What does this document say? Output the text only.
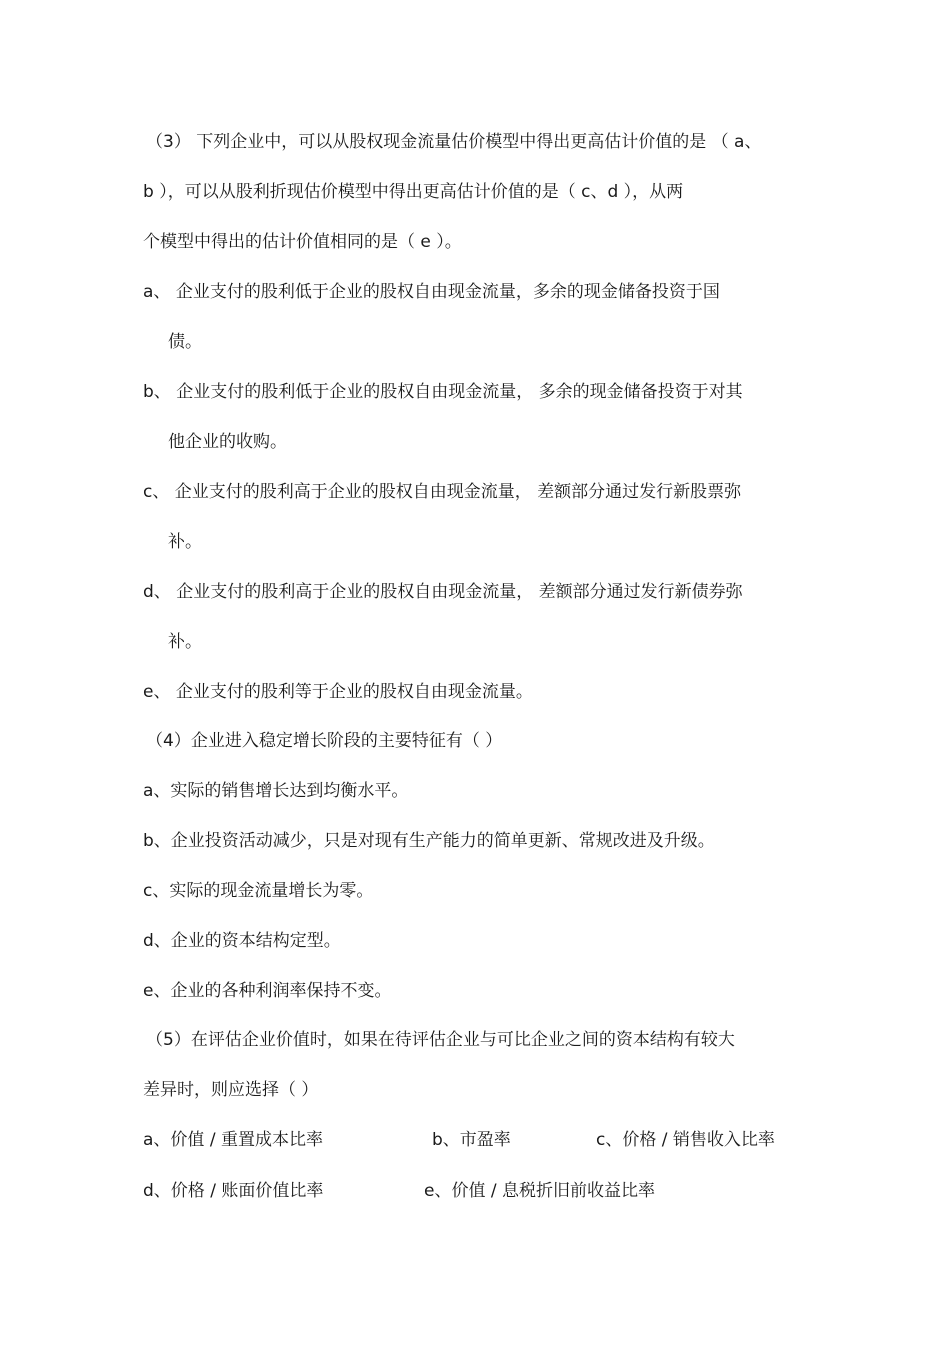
（3） 下列企业中，可以从股权现金流量估价模型中得出更高估计价值的是 （ a、
b ），可以从股利折现估价模型中得出更高估计价值的是（ c、d ），从两
个模型中得出的估计价值相同的是（ e ）。
a、 企业支付的股利低于企业的股权自由现金流量，多余的现金储备投资于国
债。
b、 企业支付的股利低于企业的股权自由现金流量， 多余的现金储备投资于对其
他企业的收购。
c、 企业支付的股利高于企业的股权自由现金流量， 差额部分通过发行新股票弥
补。
d、 企业支付的股利高于企业的股权自由现金流量， 差额部分通过发行新债券弥
补。
e、 企业支付的股利等于企业的股权自由现金流量。
（4）企业进入稳定增长阶段的主要特征有（ ）
a、实际的销售增长达到均衡水平。
b、企业投资活动减少，只是对现有生产能力的简单更新、常规改进及升级。
c、实际的现金流量增长为零。
d、企业的资本结构定型。
e、企业的各种利润率保持不变。
（5）在评估企业价值时，如果在待评估企业与可比企业之间的资本结构有较大
差异时，则应选择（ ）
a、价值 / 重置成本比率	b、市盈率	c、价格 / 销售收入比率
d、价格 / 账面价值比率	e、价值 / 息税折旧前收益比率
